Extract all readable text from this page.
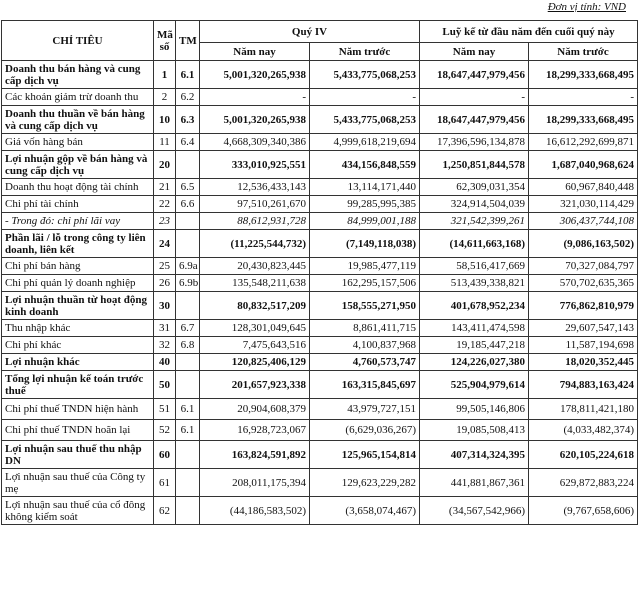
Đơn vị tính: VND
CHỈ TIÊU	Mã số	TM	Quý IV		Luỹ kế từ đầu năm đến cuối quý này	
			Năm nay	Năm trước	Năm nay	Năm trước
Doanh thu bán hàng và cung cấp dịch vụ	1	6.1	5,001,320,265,938	5,433,775,068,253	18,647,447,979,456	18,299,333,668,495
Các khoản giảm trừ doanh thu	2	6.2	-	-	-	-
Doanh thu thuần về bán hàng và cung cấp dịch vụ	10	6.3	5,001,320,265,938	5,433,775,068,253	18,647,447,979,456	18,299,333,668,495
Giá vốn hàng bán	11	6.4	4,668,309,340,386	4,999,618,219,694	17,396,596,134,878	16,612,292,699,871
Lợi nhuận gộp về bán hàng và cung cấp dịch vụ	20		333,010,925,551	434,156,848,559	1,250,851,844,578	1,687,040,968,624
Doanh thu hoạt động tài chính	21	6.5	12,536,433,143	13,114,171,440	62,309,031,354	60,967,840,448
Chi phí tài chính	22	6.6	97,510,261,670	99,285,995,385	324,914,504,039	321,030,114,429
- Trong đó: chi phí lãi vay	23		88,612,931,728	84,999,001,188	321,542,399,261	306,437,744,108
Phần lãi / lỗ trong công ty liên doanh, liên kết	24		(11,225,544,732)	(7,149,118,038)	(14,611,663,168)	(9,086,163,502)
Chi phí bán hàng	25	6.9a	20,430,823,445	19,985,477,119	58,516,417,669	70,327,084,797
Chi phí quản lý doanh nghiệp	26	6.9b	135,548,211,638	162,295,157,506	513,439,338,821	570,702,635,365
Lợi nhuận thuần từ hoạt động kinh doanh	30		80,832,517,209	158,555,271,950	401,678,952,234	776,862,810,979
Thu nhập khác	31	6.7	128,301,049,645	8,861,411,715	143,411,474,598	29,607,547,143
Chi phí khác	32	6.8	7,475,643,516	4,100,837,968	19,185,447,218	11,587,194,698
Lợi nhuận khác	40		120,825,406,129	4,760,573,747	124,226,027,380	18,020,352,445
Tổng lợi nhuận kế toán trước thuế	50		201,657,923,338	163,315,845,697	525,904,979,614	794,883,163,424
Chi phí thuế TNDN hiện hành	51	6.1	20,904,608,379	43,979,727,151	99,505,146,806	178,811,421,180
Chi phí thuế TNDN hoãn lại	52	6.1	16,928,723,067	(6,629,036,267)	19,085,508,413	(4,033,482,374)
Lợi nhuận sau thuế thu nhập DN	60		163,824,591,892	125,965,154,814	407,314,324,395	620,105,224,618
Lợi nhuận sau thuế của Công ty mẹ	61		208,011,175,394	129,623,229,282	441,881,867,361	629,872,883,224
Lợi nhuận sau thuế của cổ đông không kiểm soát	62		(44,186,583,502)	(3,658,074,467)	(34,567,542,966)	(9,767,658,606)
